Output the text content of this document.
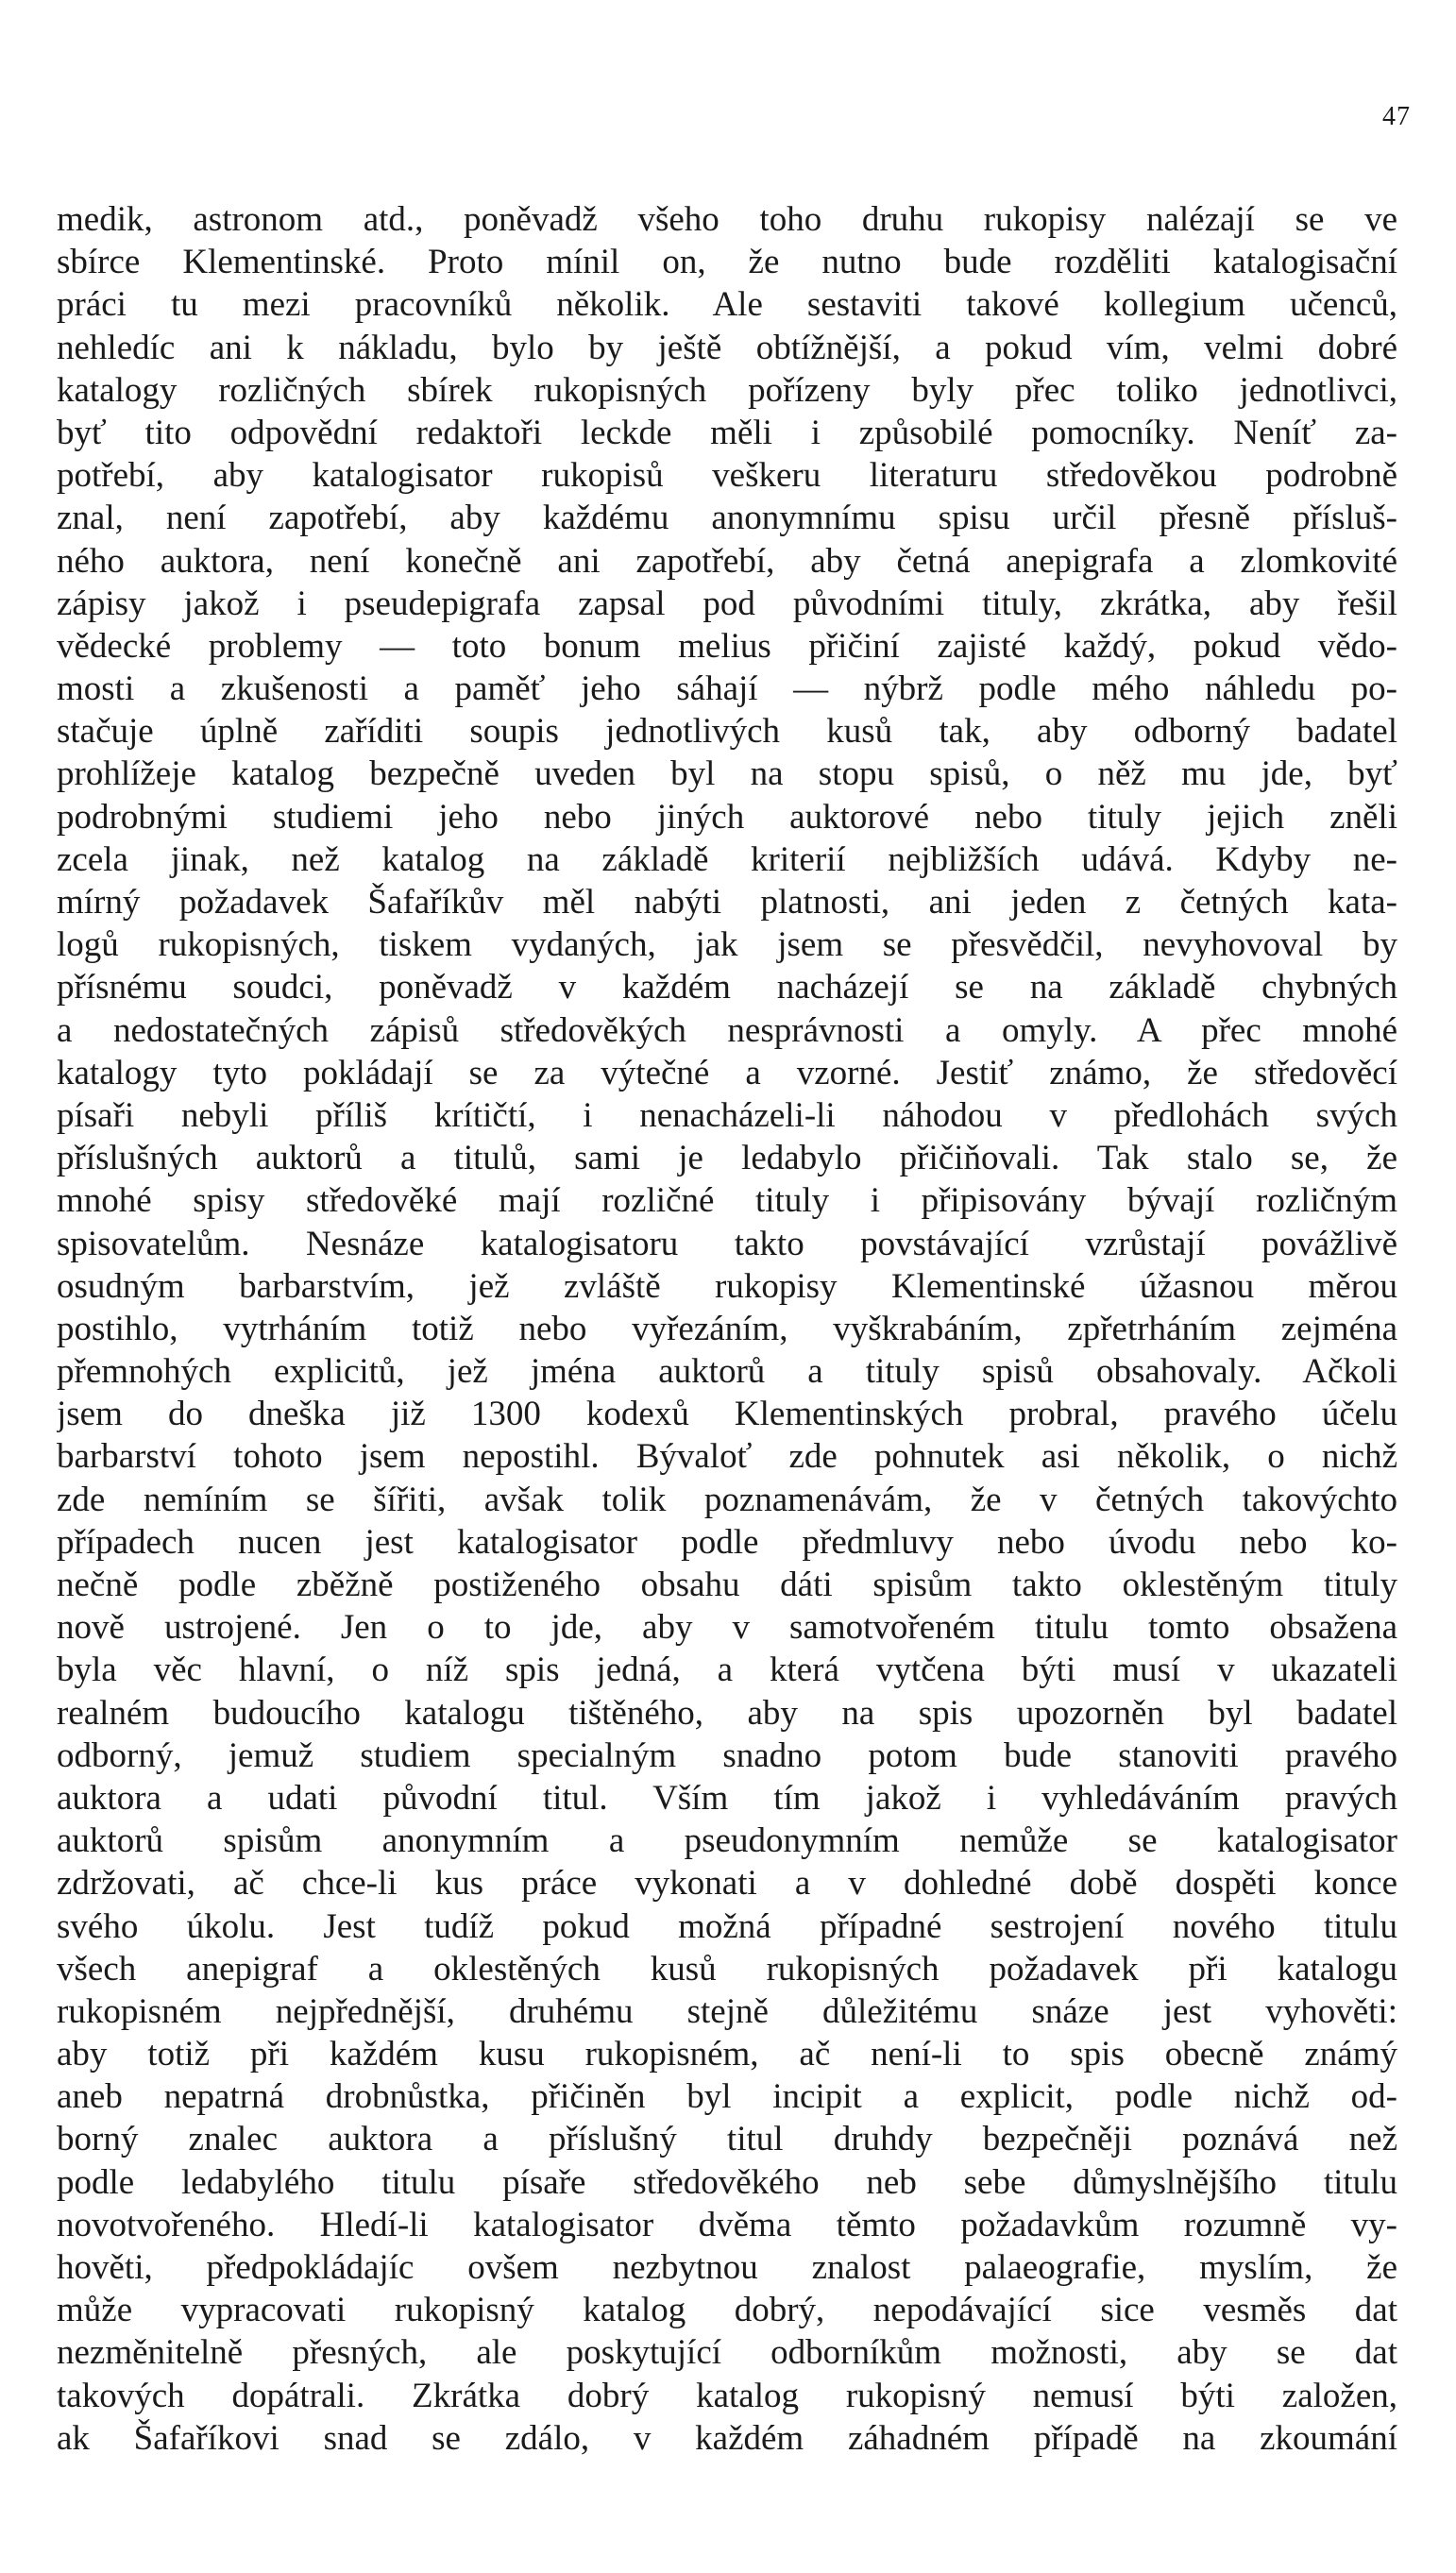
47
medik, astronom atd., poněvadž všeho toho druhu rukopisy nalézají se ve
sbírce Klementinské. Proto mínil on, že nutno bude rozděliti katalogisační
práci tu mezi pracovníků několik. Ale sestaviti takové kollegium učenců,
nehledíc ani k nákladu, bylo by ještě obtížnější, a pokud vím, velmi dobré
katalogy rozličných sbírek rukopisných pořízeny byly přec toliko jednotlivci,
byť tito odpovědní redaktoři leckde měli i způsobilé pomocníky. Neníť za-
potřebí, aby katalogisator rukopisů veškeru literaturu středověkou podrobně
znal, není zapotřebí, aby každému anonymnímu spisu určil přesně přísluš-
ného auktora, není konečně ani zapotřebí, aby četná anepigrafa a zlomkovité
zápisy jakož i pseudepigrafa zapsal pod původními tituly, zkrátka, aby řešil
vědecké problemy — toto bonum melius přičiní zajisté každý, pokud vědo-
mosti a zkušenosti a paměť jeho sáhají — nýbrž podle mého náhledu po-
stačuje úplně zaříditi soupis jednotlivých kusů tak, aby odborný badatel
prohlížeje katalog bezpečně uveden byl na stopu spisů, o něž mu jde, byť
podrobnými studiemi jeho nebo jiných auktorové nebo tituly jejich zněli
zcela jinak, než katalog na základě kriterií nejbližších udává. Kdyby ne-
mírný požadavek Šafaříkův měl nabýti platnosti, ani jeden z četných kata-
logů rukopisných, tiskem vydaných, jak jsem se přesvědčil, nevyhovoval by
přísnému soudci, poněvadž v každém nacházejí se na základě chybných
a nedostatečných zápisů středověkých nesprávnosti a omyly. A přec mnohé
katalogy tyto pokládají se za výtečné a vzorné. Jestiť známo, že středověcí
písaři nebyli příliš krítičtí, i nenacházeli-li náhodou v předlohách svých
příslušných auktorů a titulů, sami je ledabylo přičiňovali. Tak stalo se, že
mnohé spisy středověké mají rozličné tituly i připisovány bývají rozličným
spisovatelům. Nesnáze katalogisatoru takto povstávající vzrůstají povážlivě
osudným barbarstvím, jež zvláště rukopisy Klementinské úžasnou měrou
postihlo, vytrháním totiž nebo vyřezáním, vyškrabáním, zpřetrháním zejména
přemnohých explicitů, jež jména auktorů a tituly spisů obsahovaly. Ačkoli
jsem do dneška již 1300 kodexů Klementinských probral, pravého účelu
barbarství tohoto jsem nepostihl. Bývaloť zde pohnutek asi několik, o nichž
zde nemíním se šířiti, avšak tolik poznamenávám, že v četných takovýchto
případech nucen jest katalogisator podle předmluvy nebo úvodu nebo ko-
nečně podle zběžně postiženého obsahu dáti spisům takto oklestěným tituly
nově ustrojené. Jen o to jde, aby v samotvořeném titulu tomto obsažena
byla věc hlavní, o níž spis jedná, a která vytčena býti musí v ukazateli
realném budoucího katalogu tištěného, aby na spis upozorněn byl badatel
odborný, jemuž studiem specialným snadno potom bude stanoviti pravého
auktora a udati původní titul. Vším tím jakož i vyhledáváním pravých
auktorů spisům anonymním a pseudonymním nemůže se katalogisator
zdržovati, ač chce-li kus práce vykonati a v dohledné době dospěti konce
svého úkolu. Jest tudíž pokud možná případné sestrojení nového titulu
všech anepigraf a oklestěných kusů rukopisných požadavek při katalogu
rukopisném nejpřednější, druhému stejně důležitému snáze jest vyhověti:
aby totiž při každém kusu rukopisném, ač není-li to spis obecně známý
aneb nepatrná drobnůstka, přičiněn byl incipit a explicit, podle nichž od-
borný znalec auktora a příslušný titul druhdy bezpečněji poznává než
podle ledabylého titulu písaře středověkého neb sebe důmyslnějšího titulu
novotvořeného. Hledí-li katalogisator dvěma těmto požadavkům rozumně vy-
hověti, předpokládajíc ovšem nezbytnou znalost palaeografie, myslím, že
může vypracovati rukopisný katalog dobrý, nepodávající sice vesměs dat
nezměnitelně přesných, ale poskytující odborníkům možnosti, aby se dat
takových dopátrali. Zkrátka dobrý katalog rukopisný nemusí býti založen,
ak Šafaříkovi snad se zdálo, v každém záhadném případě na zkoumání
